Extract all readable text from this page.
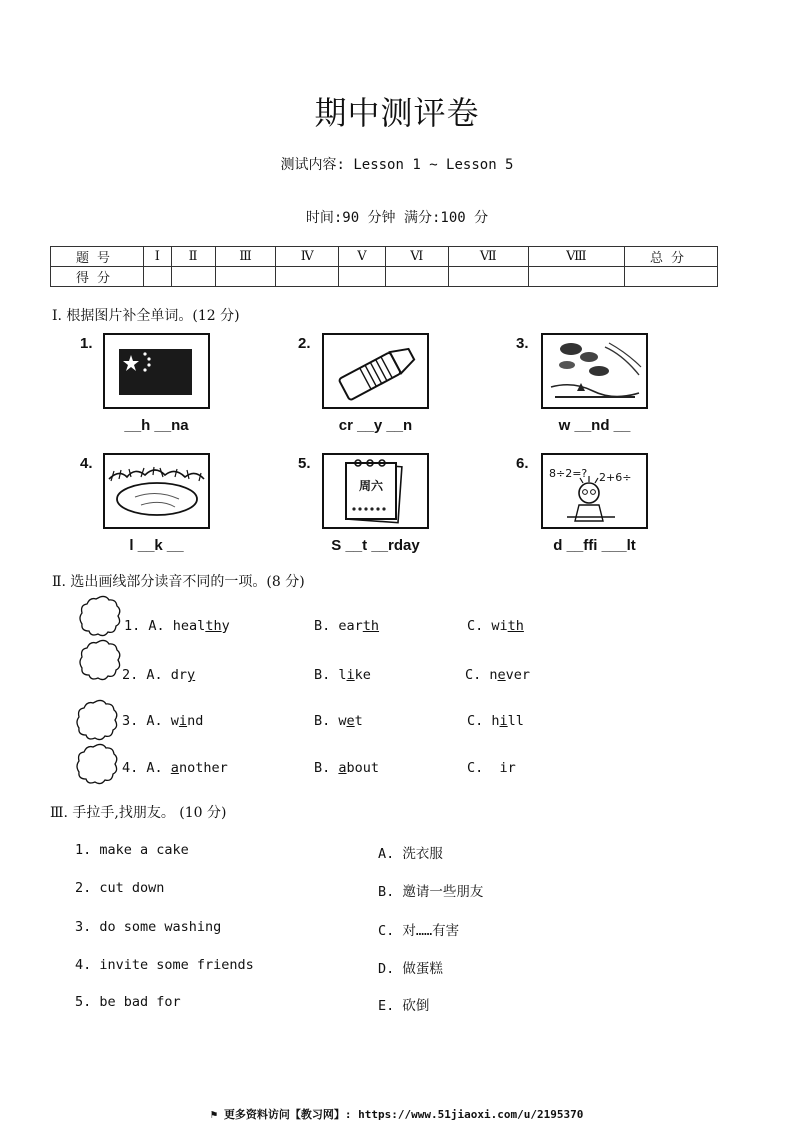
期中测评卷
测试内容: Lesson 1 ~ Lesson 5
时间:90 分钟 满分:100 分
题号	Ⅰ	Ⅱ	Ⅲ	Ⅳ	Ⅴ	Ⅵ	Ⅶ	Ⅷ	总分
得分									
Ⅰ. 根据图片补全单词。(12 分)
1.
__h __na
2.
cr __y __n
3.
w __nd __
4.
l __k __
5.
周六
S __t __rday
6.
8÷2=? 2+6÷
d __ffi ___lt
Ⅱ. 选出画线部分读音不同的一项。(8 分)
1. A. healthy	B. earth	C. with
2. A. dry	B. like	C. never
3. A. wind	B. wet	C. hill
4. A. another	B. about	C.  ir
Ⅲ. 手拉手,找朋友。 (10 分)
1. make a cake
2. cut down
3. do some washing
4. invite some friends
5. be bad for
A. 洗衣服
B. 邀请一些朋友
C. 对……有害
D. 做蛋糕
E. 砍倒
⚑ 更多资料访问【教习网】: https://www.51jiaoxi.com/u/2195370
